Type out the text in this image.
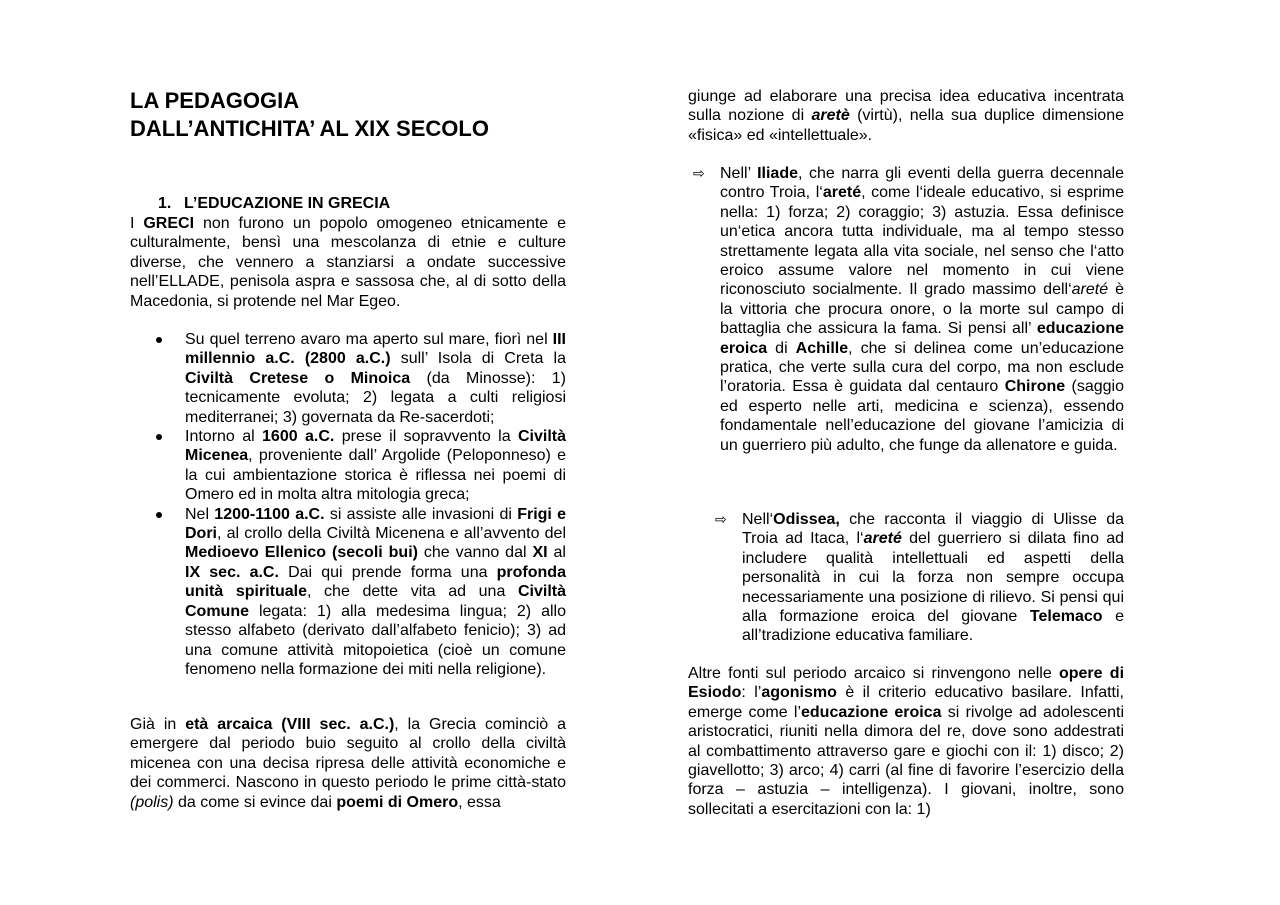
LA PEDAGOGIA
DALL’ANTICHITA’ AL XIX SECOLO
1. L’EDUCAZIONE IN GRECIA

I GRECI non furono un popolo omogeneo etnicamente e culturalmente, bensì una mescolanza di etnie e culture diverse, che vennero a stanziarsi a ondate successive nell’ELLADE, penisola aspra e sassosa che, al di sotto della Macedonia, si protende nel Mar Egeo.

Su quel terreno avaro ma aperto sul mare, fiorì nel III millennio a.C. (2800 a.C.) sull’ Isola di Creta la Civiltà Cretese o Minoica (da Minosse): 1) tecnicamente evoluta; 2) legata a culti religiosi mediterranei; 3) governata da Re-sacerdoti;

Intorno al 1600 a.C. prese il sopravvento la Civiltà Micenea, proveniente dall’ Argolide (Peloponneso) e la cui ambientazione storica è riflessa nei poemi di Omero ed in molta altra mitologia greca;

Nel 1200-1100 a.C. si assiste alle invasioni di Frigi e Dori, al crollo della Civiltà Micenena e all’avvento del Medioevo Ellenico (secoli bui) che vanno dal XI al IX sec. a.C. Dai qui prende forma una profonda unità spirituale, che dette vita ad una Civiltà Comune legata: 1) alla medesima lingua; 2) allo stesso alfabeto (derivato dall’alfabeto fenicio); 3) ad una comune attività mitopoietica (cioè un comune fenomeno nella formazione dei miti nella religione).

Già in età arcaica (VIII sec. a.C.), la Grecia cominciò a emergere dal periodo buio seguito al crollo della civiltà micenea con una decisa ripresa delle attività economiche e dei commerci. Nascono in questo periodo le prime città-stato (polis) da come si evince dai poemi di Omero, essa

giunge ad elaborare una precisa idea educativa incentrata sulla nozione di aretè (virtù), nella sua duplice dimensione «fisica» ed «intellettuale».

⇨ Nell’ Iliade, che narra gli eventi della guerra decennale contro Troia, l‘areté, come l‘ideale educativo, si esprime nella: 1) forza; 2) coraggio; 3) astuzia. Essa definisce un‘etica ancora tutta individuale, ma al tempo stesso strettamente legata alla vita sociale, nel senso che l‘atto eroico assume valore nel momento in cui viene riconosciuto socialmente. Il grado massimo dell‘areté è la vittoria che procura onore, o la morte sul campo di battaglia che assicura la fama. Si pensi all’ educazione eroica di Achille, che si delinea come un’educazione pratica, che verte sulla cura del corpo, ma non esclude l’oratoria. Essa è guidata dal centauro Chirone (saggio ed esperto nelle arti, medicina e scienza), essendo fondamentale nell’educazione del giovane l’amicizia di un guerriero più adulto, che funge da allenatore e guida.

⇨ Nell‘Odissea, che racconta il viaggio di Ulisse da Troia ad Itaca, l‘areté del guerriero si dilata fino ad includere qualità intellettuali ed aspetti della personalità in cui la forza non sempre occupa necessariamente una posizione di rilievo. Si pensi qui alla formazione eroica del giovane Telemaco e all’tradizione educativa familiare.

Altre fonti sul periodo arcaico si rinvengono nelle opere di Esiodo: l’agonismo è il criterio educativo basilare. Infatti, emerge come l’educazione eroica si rivolge ad adolescenti aristocratici, riuniti nella dimora del re, dove sono addestrati al combattimento attraverso gare e giochi con il: 1) disco; 2) giavellotto; 3) arco; 4) carri (al fine di favorire l’esercizio della forza – astuzia – intelligenza). I giovani, inoltre, sono sollecitati a esercitazioni con la: 1)
